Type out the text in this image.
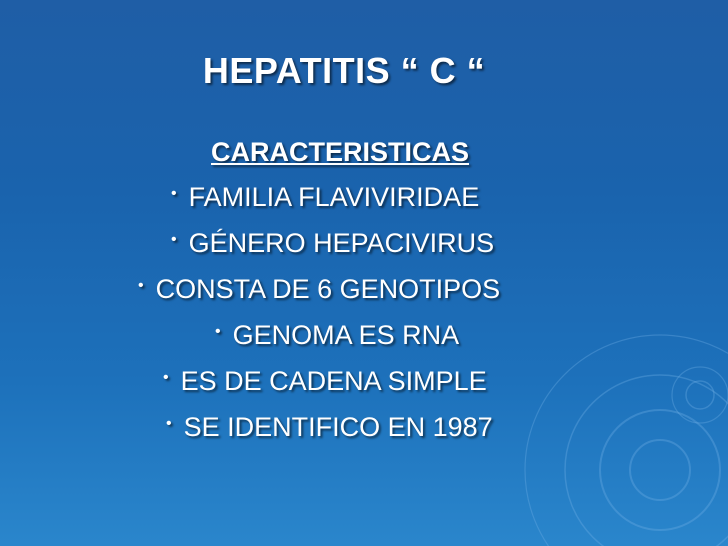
HEPATITIS “ C “
CARACTERISTICAS
• FAMILIA FLAVIVIRIDAE
• GÉNERO HEPACIVIRUS
• CONSTA DE 6 GENOTIPOS
• GENOMA ES RNA
• ES DE CADENA SIMPLE
• SE IDENTIFICO EN 1987
